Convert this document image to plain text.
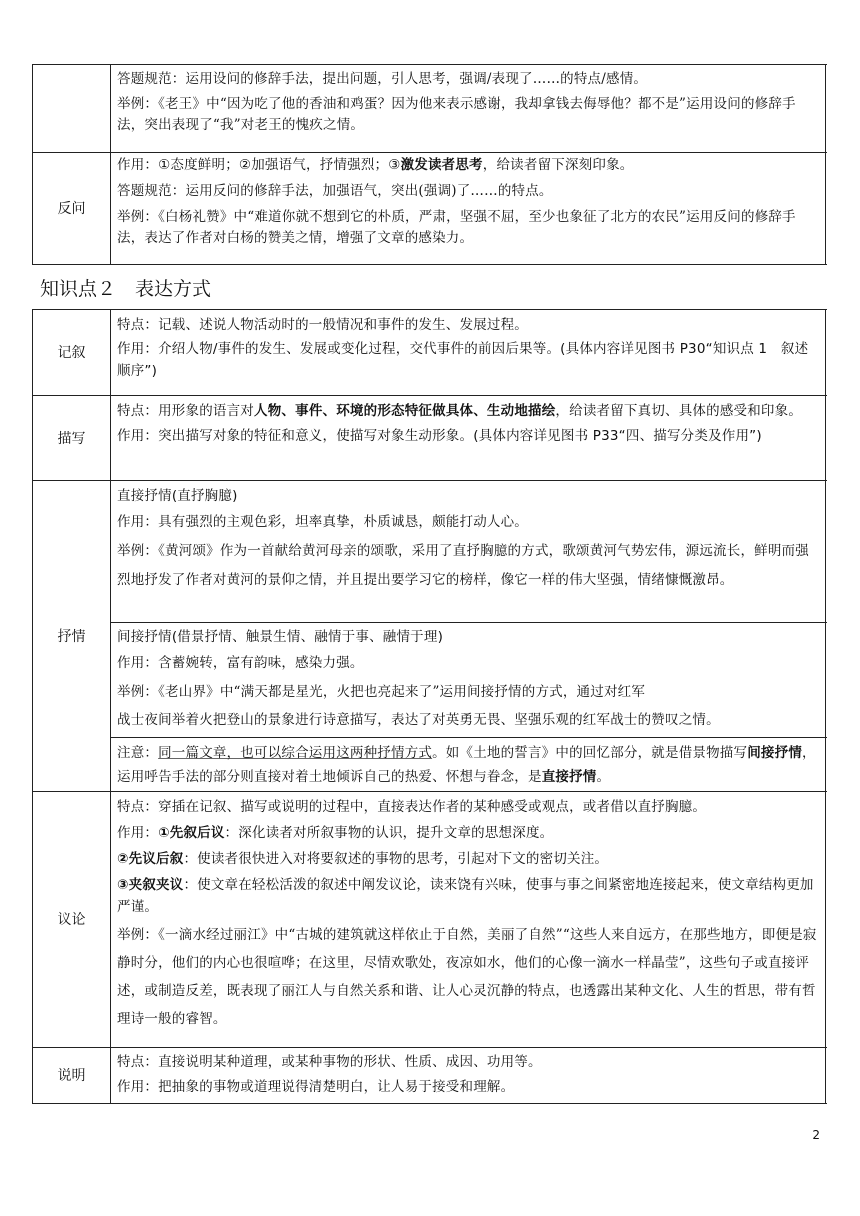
答题规范：运用设问的修辞手法，提出问题，引人思考，强调/表现了……的特点/感情。
举例：《老王》中“因为吃了他的香油和鸡蛋？因为他来表示感谢，我却拿钱去侮辱他？都不是”运用设问的修辞手法，突出表现了“我”对老王的愧疚之情。
反问
作用：①态度鲜明；②加强语气，抒情强烈；③激发读者思考，给读者留下深刻印象。
答题规范：运用反问的修辞手法，加强语气，突出(强调)了……的特点。
举例：《白杨礼赞》中“难道你就不想到它的朴质，严肃，坚强不屈，至少也象征了北方的农民”运用反问的修辞手法，表达了作者对白杨的赞美之情，增强了文章的感染力。
知识点２　表达方式
记叙
特点：记载、述说人物活动时的一般情况和事件的发生、发展过程。
作用：介绍人物/事件的发生、发展或变化过程，交代事件的前因后果等。(具体内容详见图书 P30“知识点 1　叙述顺序”)
描写
特点：用形象的语言对人物、事件、环境的形态特征做具体、生动地描绘，给读者留下真切、具体的感受和印象。
作用：突出描写对象的特征和意义，使描写对象生动形象。(具体内容详见图书 P33“四、描写分类及作用”)
抒情
直接抒情(直抒胸臆)
作用：具有强烈的主观色彩，坦率真挚，朴质诚恳，颇能打动人心。
举例：《黄河颂》作为一首献给黄河母亲的颂歌，采用了直抒胸臆的方式，歌颂黄河气势宏伟，源远流长，鲜明而强烈地抒发了作者对黄河的景仰之情，并且提出要学习它的榜样，像它一样的伟大坚强，情绪慷慨激昂。
间接抒情(借景抒情、触景生情、融情于事、融情于理)
作用：含蓄婉转，富有韵味，感染力强。
举例：《老山界》中“满天都是星光，火把也亮起来了”运用间接抒情的方式，通过对红军
战士夜间举着火把登山的景象进行诗意描写，表达了对英勇无畏、坚强乐观的红军战士的赞叹之情。
注意：同一篇文章，也可以综合运用这两种抒情方式。如《土地的誓言》中的回忆部分，就是借景物描写间接抒情，运用呼告手法的部分则直接对着土地倾诉自己的热爱、怀想与眷念，是直接抒情。
议论
特点：穿插在记叙、描写或说明的过程中，直接表达作者的某种感受或观点，或者借以直抒胸臆。
作用：①先叙后议：深化读者对所叙事物的认识，提升文章的思想深度。
②先议后叙：使读者很快进入对将要叙述的事物的思考，引起对下文的密切关注。
③夹叙夹议：使文章在轻松活泼的叙述中阐发议论，读来饶有兴味，使事与事之间紧密地连接起来，使文章结构更加严谨。
举例：《一滴水经过丽江》中“古城的建筑就这样依止于自然，美丽了自然”“这些人来自远方，在那些地方，即便是寂静时分，他们的内心也很喧哗；在这里，尽情欢歌处，夜凉如水，他们的心像一滴水一样晶莹”，这些句子或直接评述，或制造反差，既表现了丽江人与自然关系和谐、让人心灵沉静的特点，也透露出某种文化、人生的哲思，带有哲理诗一般的睿智。
说明
特点：直接说明某种道理，或某种事物的形状、性质、成因、功用等。
作用：把抽象的事物或道理说得清楚明白，让人易于接受和理解。
2
